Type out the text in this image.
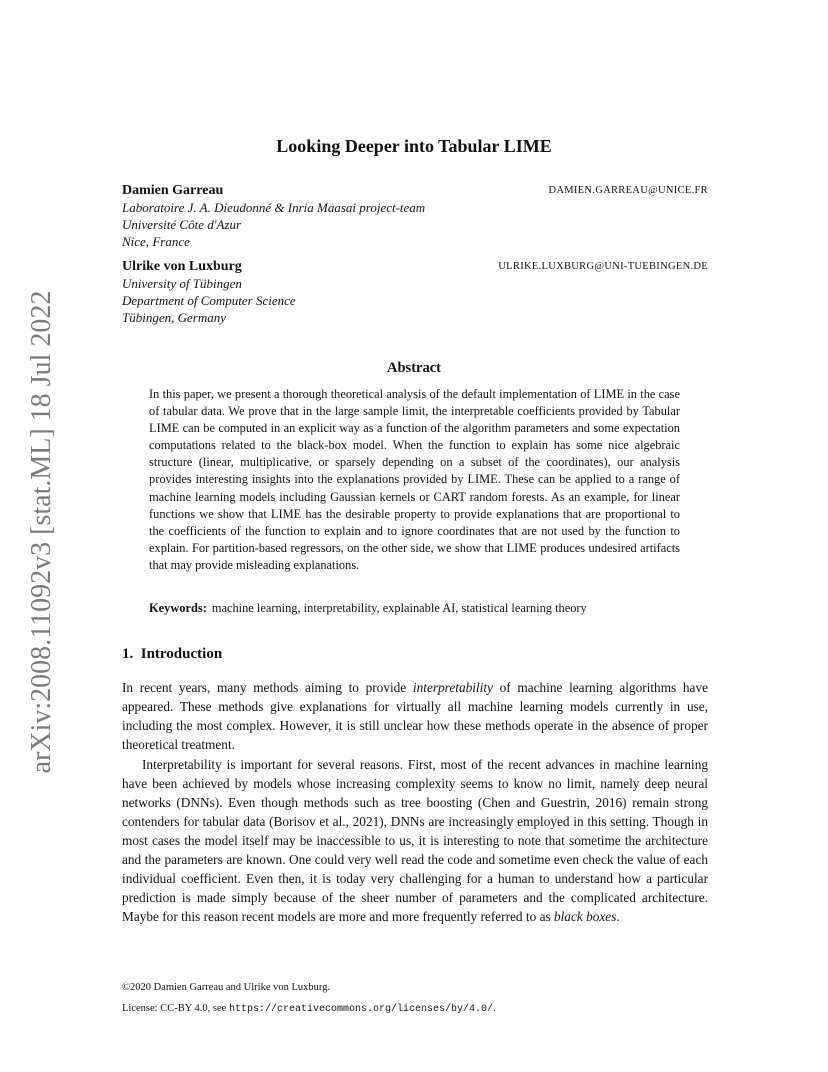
arXiv:2008.11092v3 [stat.ML] 18 Jul 2022
Looking Deeper into Tabular LIME
Damien Garreau	DAMIEN.GARREAU@UNICE.FR
Laboratoire J. A. Dieudonné & Inria Maasai project-team
Université Côte d'Azur
Nice, France
Ulrike von Luxburg	ULRIKE.LUXBURG@UNI-TUEBINGEN.DE
University of Tübingen
Department of Computer Science
Tübingen, Germany
Abstract
In this paper, we present a thorough theoretical analysis of the default implementation of LIME in the case of tabular data. We prove that in the large sample limit, the interpretable coefficients provided by Tabular LIME can be computed in an explicit way as a function of the algorithm parameters and some expectation computations related to the black-box model. When the function to explain has some nice algebraic structure (linear, multiplicative, or sparsely depending on a subset of the coordinates), our analysis provides interesting insights into the explanations provided by LIME. These can be applied to a range of machine learning models including Gaussian kernels or CART random forests. As an example, for linear functions we show that LIME has the desirable property to provide explanations that are proportional to the coefficients of the function to explain and to ignore coordinates that are not used by the function to explain. For partition-based regressors, on the other side, we show that LIME produces undesired artifacts that may provide misleading explanations.
Keywords: machine learning, interpretability, explainable AI, statistical learning theory
1. Introduction

In recent years, many methods aiming to provide interpretability of machine learning algorithms have appeared. These methods give explanations for virtually all machine learning models currently in use, including the most complex. However, it is still unclear how these methods operate in the absence of proper theoretical treatment.

Interpretability is important for several reasons. First, most of the recent advances in machine learning have been achieved by models whose increasing complexity seems to know no limit, namely deep neural networks (DNNs). Even though methods such as tree boosting (Chen and Guestrin, 2016) remain strong contenders for tabular data (Borisov et al., 2021), DNNs are increasingly employed in this setting. Though in most cases the model itself may be inaccessible to us, it is interesting to note that sometime the architecture and the parameters are known. One could very well read the code and sometime even check the value of each individual coefficient. Even then, it is today very challenging for a human to understand how a particular prediction is made simply because of the sheer number of parameters and the complicated architecture. Maybe for this reason recent models are more and more frequently referred to as black boxes.

©2020 Damien Garreau and Ulrike von Luxburg.
License: CC-BY 4.0, see https://creativecommons.org/licenses/by/4.0/.
